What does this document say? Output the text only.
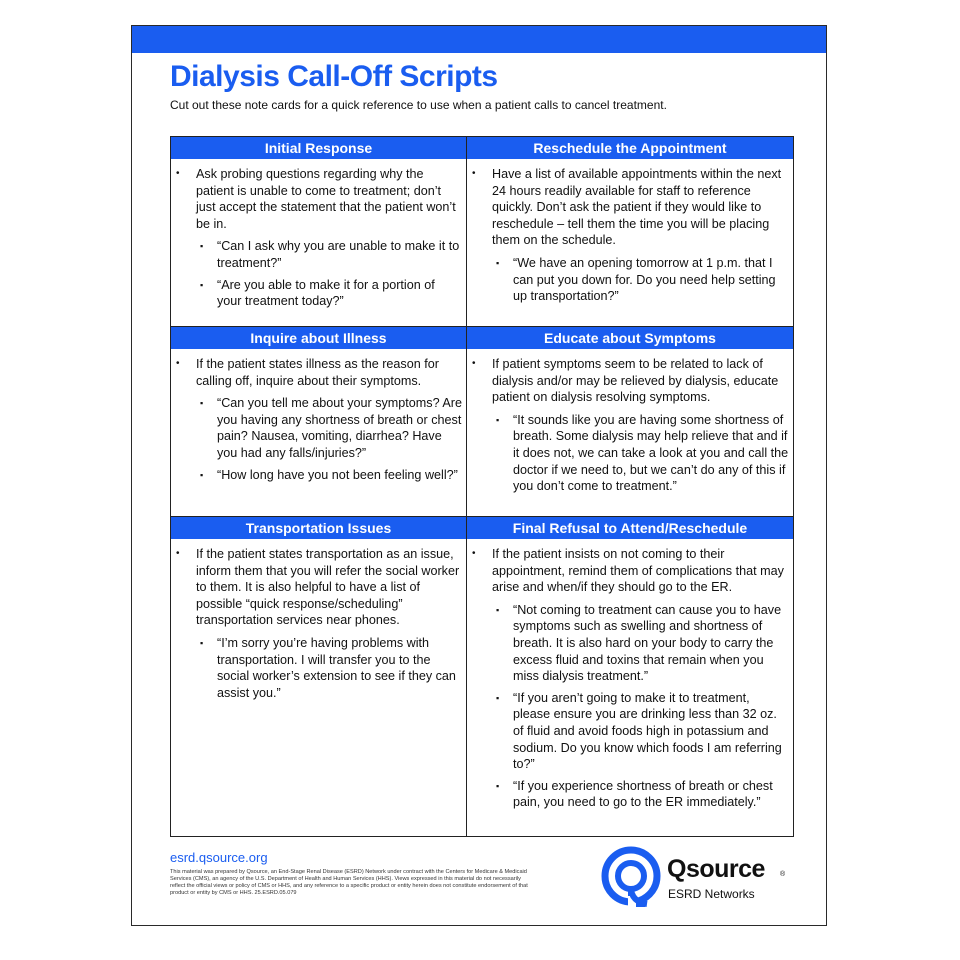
Dialysis Call-Off Scripts

Cut out these note cards for a quick reference to use when a patient calls to cancel treatment.

Initial Response
• Ask probing questions regarding why the patient is unable to come to treatment; don’t just accept the statement that the patient won’t be in.
▪ “Can I ask why you are unable to make it to treatment?”
▪ “Are you able to make it for a portion of your treatment today?”
Reschedule the Appointment
• Have a list of available appointments within the next 24 hours readily available for staff to reference quickly. Don’t ask the patient if they would like to reschedule – tell them the time you will be placing them on the schedule.
▪ “We have an opening tomorrow at 1 p.m. that I can put you down for. Do you need help setting up transportation?”
Inquire about Illness
• If the patient states illness as the reason for calling off, inquire about their symptoms.
▪ “Can you tell me about your symptoms? Are you having any shortness of breath or chest pain? Nausea, vomiting, diarrhea? Have you had any falls/injuries?”
▪ “How long have you not been feeling well?”
Educate about Symptoms
• If patient symptoms seem to be related to lack of dialysis and/or may be relieved by dialysis, educate patient on dialysis resolving symptoms.
▪ “It sounds like you are having some shortness of breath. Some dialysis may help relieve that and if it does not, we can take a look at you and call the doctor if we need to, but we can’t do any of this if you don’t come to treatment.”
Transportation Issues
• If the patient states transportation as an issue, inform them that you will refer the social worker to them. It is also helpful to have a list of possible “quick response/scheduling” transportation services near phones.
▪ “I’m sorry you’re having problems with transportation. I will transfer you to the social worker’s extension to see if they can assist you.”
Final Refusal to Attend/Reschedule
• If the patient insists on not coming to their appointment, remind them of complications that may arise and when/if they should go to the ER.
▪ “Not coming to treatment can cause you to have symptoms such as swelling and shortness of breath. It is also hard on your body to carry the excess fluid and toxins that remain when you miss dialysis treatment.”
▪ “If you aren’t going to make it to treatment, please ensure you are drinking less than 32 oz. of fluid and avoid foods high in potassium and sodium. Do you know which foods I am referring to?”
▪ “If you experience shortness of breath or chest pain, you need to go to the ER immediately.”
esrd.qsource.org
This material was prepared by Qsource, an End-Stage Renal Disease (ESRD) Network under contract with the Centers for Medicare & Medicaid Services (CMS), an agency of the U.S. Department of Health and Human Services (HHS). Views expressed in this material do not necessarily reflect the official views or policy of CMS or HHS, and any reference to a specific product or entity herein does not constitute endorsement of that product or entity by CMS or HHS. 25.ESRD.05.079
Qsource ®
ESRD Networks
